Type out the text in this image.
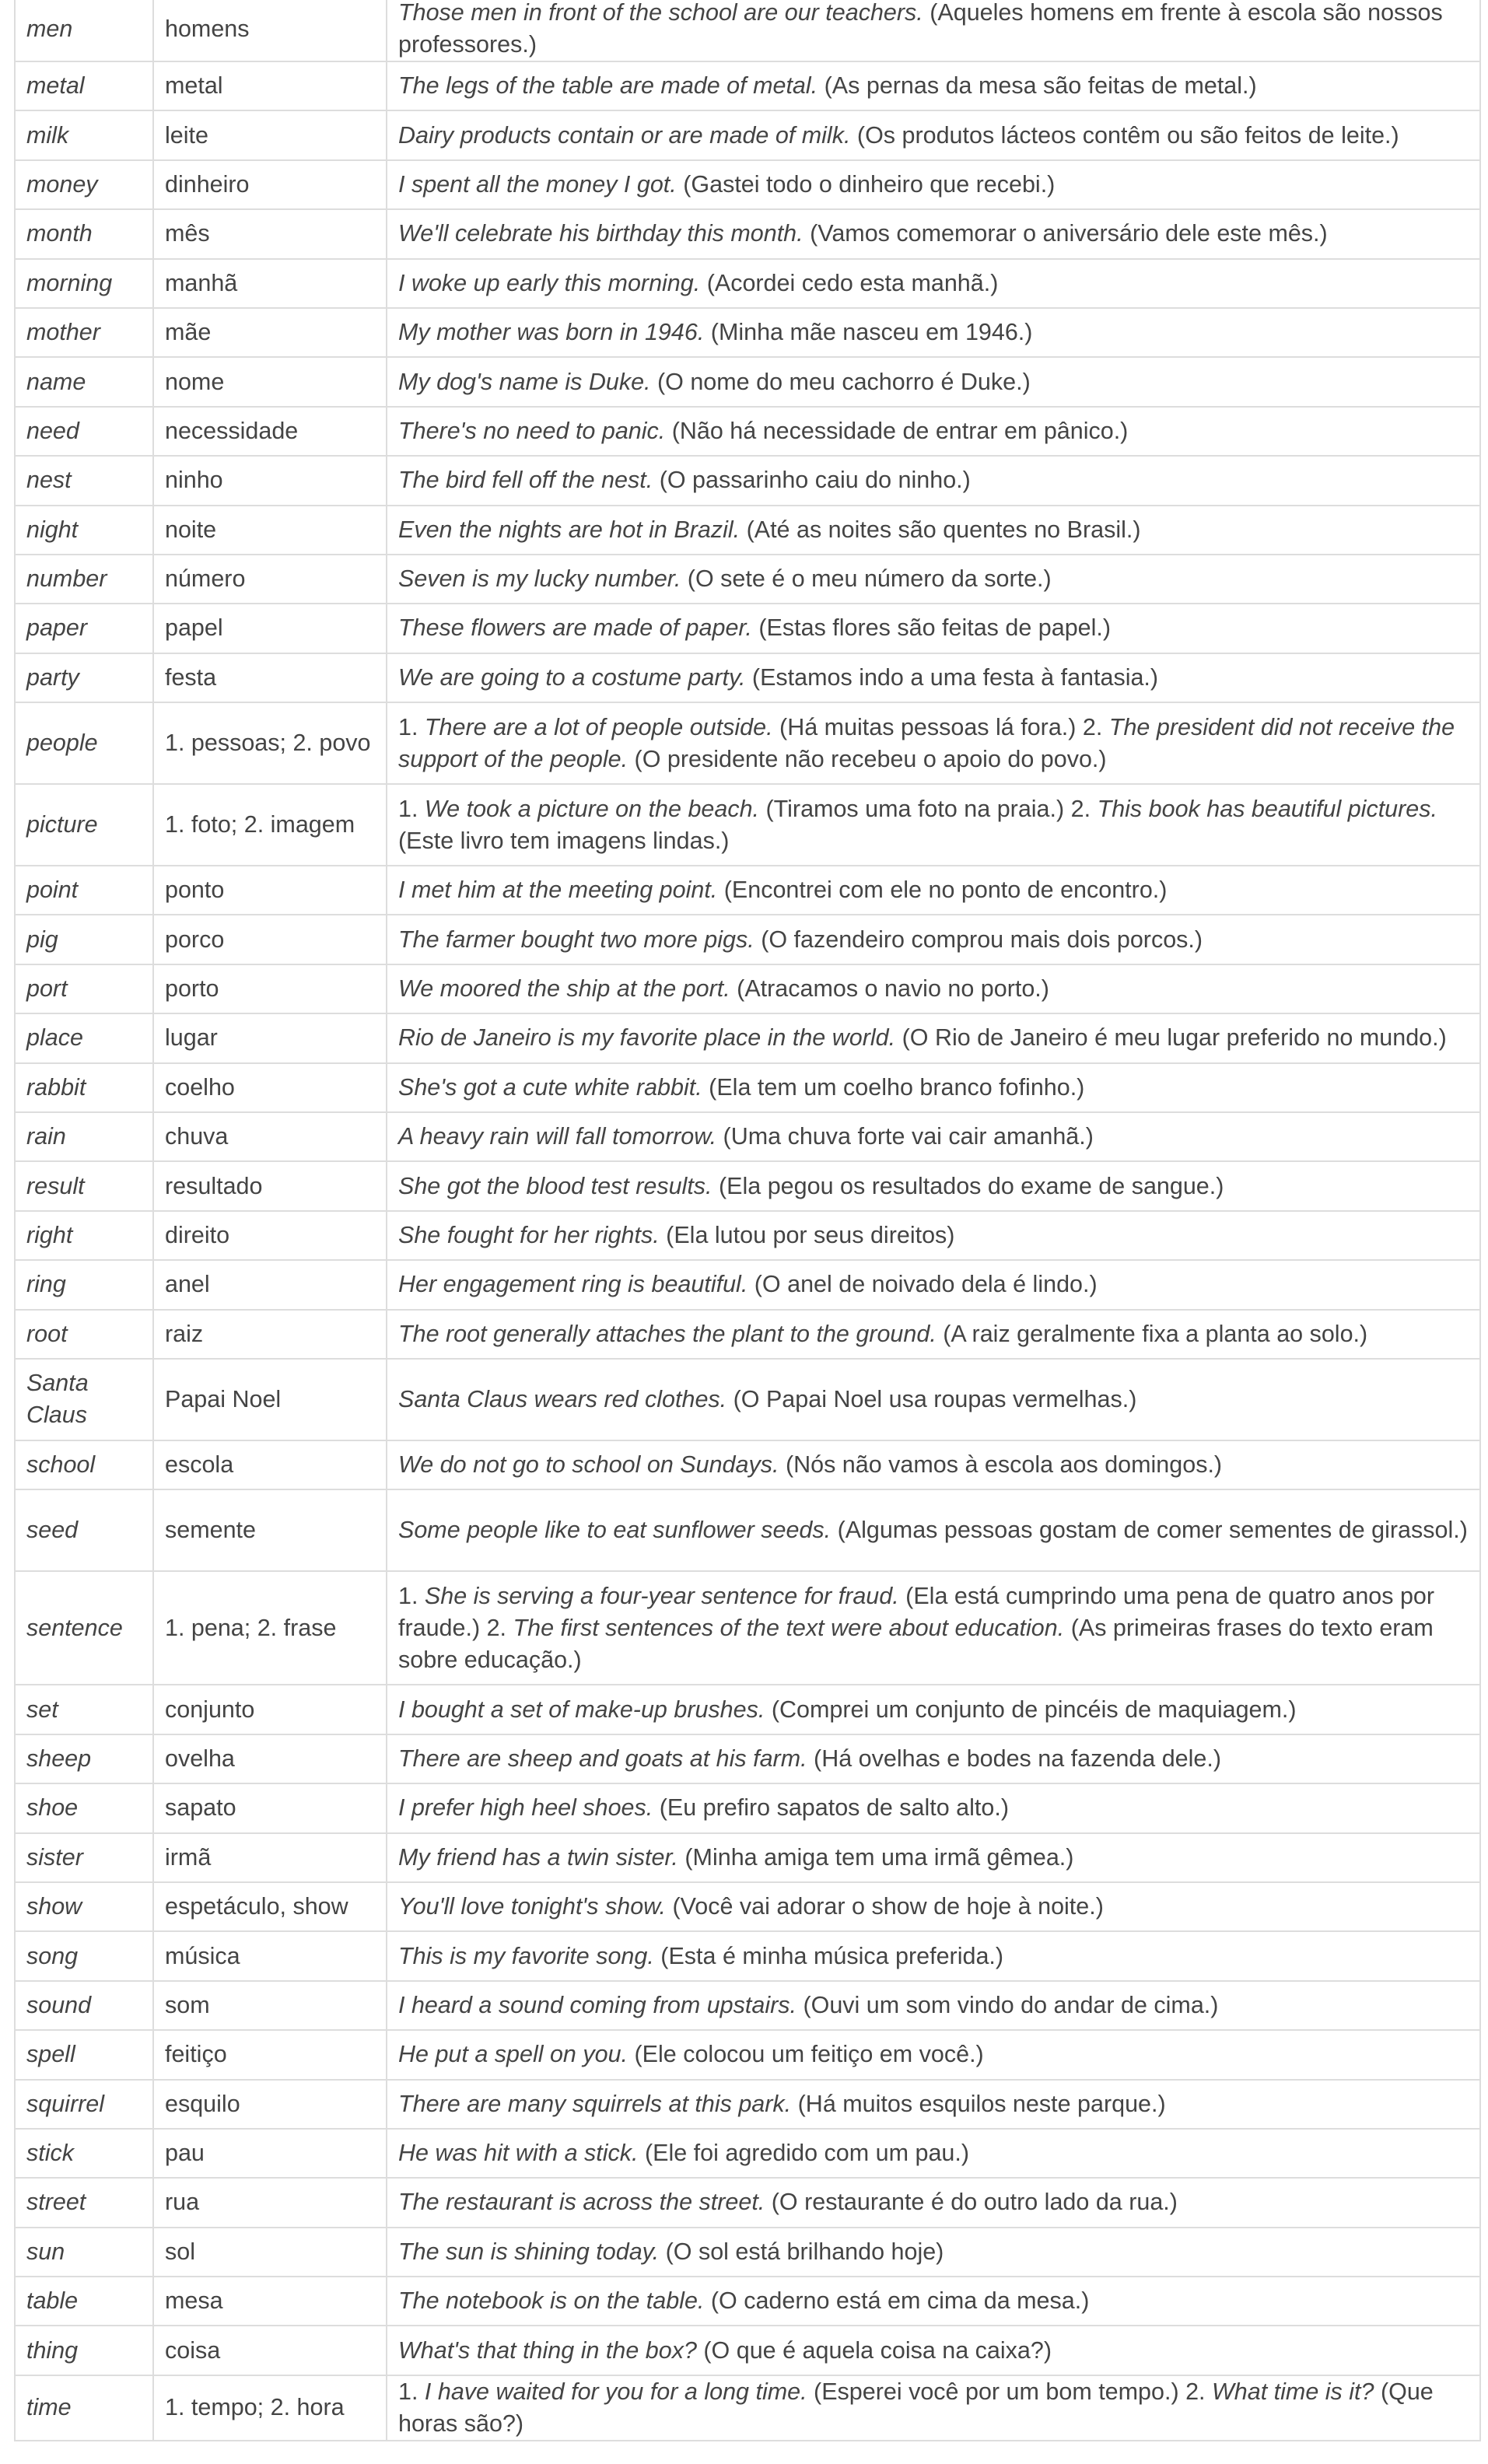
men	homens	Those men in front of the school are our teachers. (Aqueles homens em frente à escola são nossos professores.)
metal	metal	The legs of the table are made of metal. (As pernas da mesa são feitas de metal.)
milk	leite	Dairy products contain or are made of milk. (Os produtos lácteos contêm ou são feitos de leite.)
money	dinheiro	I spent all the money I got. (Gastei todo o dinheiro que recebi.)
month	mês	We'll celebrate his birthday this month. (Vamos comemorar o aniversário dele este mês.)
morning	manhã	I woke up early this morning. (Acordei cedo esta manhã.)
mother	mãe	My mother was born in 1946. (Minha mãe nasceu em 1946.)
name	nome	My dog's name is Duke. (O nome do meu cachorro é Duke.)
need	necessidade	There's no need to panic. (Não há necessidade de entrar em pânico.)
nest	ninho	The bird fell off the nest. (O passarinho caiu do ninho.)
night	noite	Even the nights are hot in Brazil. (Até as noites são quentes no Brasil.)
number	número	Seven is my lucky number. (O sete é o meu número da sorte.)
paper	papel	These flowers are made of paper. (Estas flores são feitas de papel.)
party	festa	We are going to a costume party. (Estamos indo a uma festa à fantasia.)
people	1. pessoas; 2. povo	1. There are a lot of people outside. (Há muitas pessoas lá fora.) 2. The president did not receive the support of the people. (O presidente não recebeu o apoio do povo.)
picture	1. foto; 2. imagem	1. We took a picture on the beach. (Tiramos uma foto na praia.) 2. This book has beautiful pictures. (Este livro tem imagens lindas.)
point	ponto	I met him at the meeting point. (Encontrei com ele no ponto de encontro.)
pig	porco	The farmer bought two more pigs. (O fazendeiro comprou mais dois porcos.)
port	porto	We moored the ship at the port. (Atracamos o navio no porto.)
place	lugar	Rio de Janeiro is my favorite place in the world. (O Rio de Janeiro é meu lugar preferido no mundo.)
rabbit	coelho	She's got a cute white rabbit. (Ela tem um coelho branco fofinho.)
rain	chuva	A heavy rain will fall tomorrow. (Uma chuva forte vai cair amanhã.)
result	resultado	She got the blood test results. (Ela pegou os resultados do exame de sangue.)
right	direito	She fought for her rights. (Ela lutou por seus direitos)
ring	anel	Her engagement ring is beautiful. (O anel de noivado dela é lindo.)
root	raiz	The root generally attaches the plant to the ground. (A raiz geralmente fixa a planta ao solo.)
Santa Claus	Papai Noel	Santa Claus wears red clothes. (O Papai Noel usa roupas vermelhas.)
school	escola	We do not go to school on Sundays. (Nós não vamos à escola aos domingos.)
seed	semente	Some people like to eat sunflower seeds. (Algumas pessoas gostam de comer sementes de girassol.)
sentence	1. pena; 2. frase	1. She is serving a four-year sentence for fraud. (Ela está cumprindo uma pena de quatro anos por fraude.) 2. The first sentences of the text were about education. (As primeiras frases do texto eram sobre educação.)
set	conjunto	I bought a set of make-up brushes. (Comprei um conjunto de pincéis de maquiagem.)
sheep	ovelha	There are sheep and goats at his farm. (Há ovelhas e bodes na fazenda dele.)
shoe	sapato	I prefer high heel shoes. (Eu prefiro sapatos de salto alto.)
sister	irmã	My friend has a twin sister. (Minha amiga tem uma irmã gêmea.)
show	espetáculo, show	You'll love tonight's show. (Você vai adorar o show de hoje à noite.)
song	música	This is my favorite song. (Esta é minha música preferida.)
sound	som	I heard a sound coming from upstairs. (Ouvi um som vindo do andar de cima.)
spell	feitiço	He put a spell on you. (Ele colocou um feitiço em você.)
squirrel	esquilo	There are many squirrels at this park. (Há muitos esquilos neste parque.)
stick	pau	He was hit with a stick. (Ele foi agredido com um pau.)
street	rua	The restaurant is across the street. (O restaurante é do outro lado da rua.)
sun	sol	The sun is shining today. (O sol está brilhando hoje)
table	mesa	The notebook is on the table. (O caderno está em cima da mesa.)
thing	coisa	What's that thing in the box? (O que é aquela coisa na caixa?)
time	1. tempo; 2. hora	1. I have waited for you for a long time. (Esperei você por um bom tempo.) 2. What time is it? (Que horas são?)
